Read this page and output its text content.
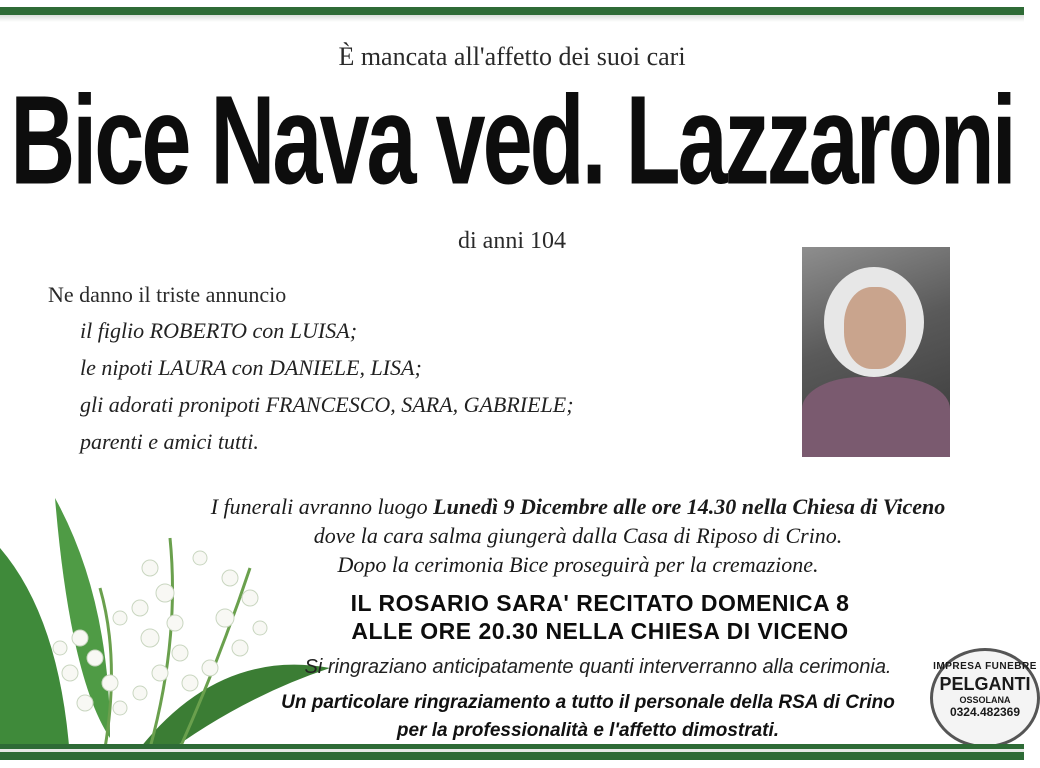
È mancata all'affetto dei suoi cari
Bice Nava ved. Lazzaroni
di anni 104
Ne danno il triste annuncio
il figlio ROBERTO con LUISA;
le nipoti LAURA con DANIELE, LISA;
gli adorati pronipoti FRANCESCO, SARA, GABRIELE;
parenti e amici tutti.
I funerali avranno luogo Lunedì 9 Dicembre alle ore 14.30 nella Chiesa di Viceno
dove la cara salma giungerà dalla Casa di Riposo di Crino.
Dopo la cerimonia Bice proseguirà per la cremazione.
IL ROSARIO SARA' RECITATO DOMENICA 8
ALLE ORE 20.30 NELLA CHIESA DI VICENO
Si ringraziano anticipatamente quanti interverranno alla cerimonia.
Un particolare ringraziamento a tutto il personale della RSA di Crino
per la professionalità e l'affetto dimostrati.
IMPRESA FUNEBRE
PELGANTI
OSSOLANA
0324.482369
